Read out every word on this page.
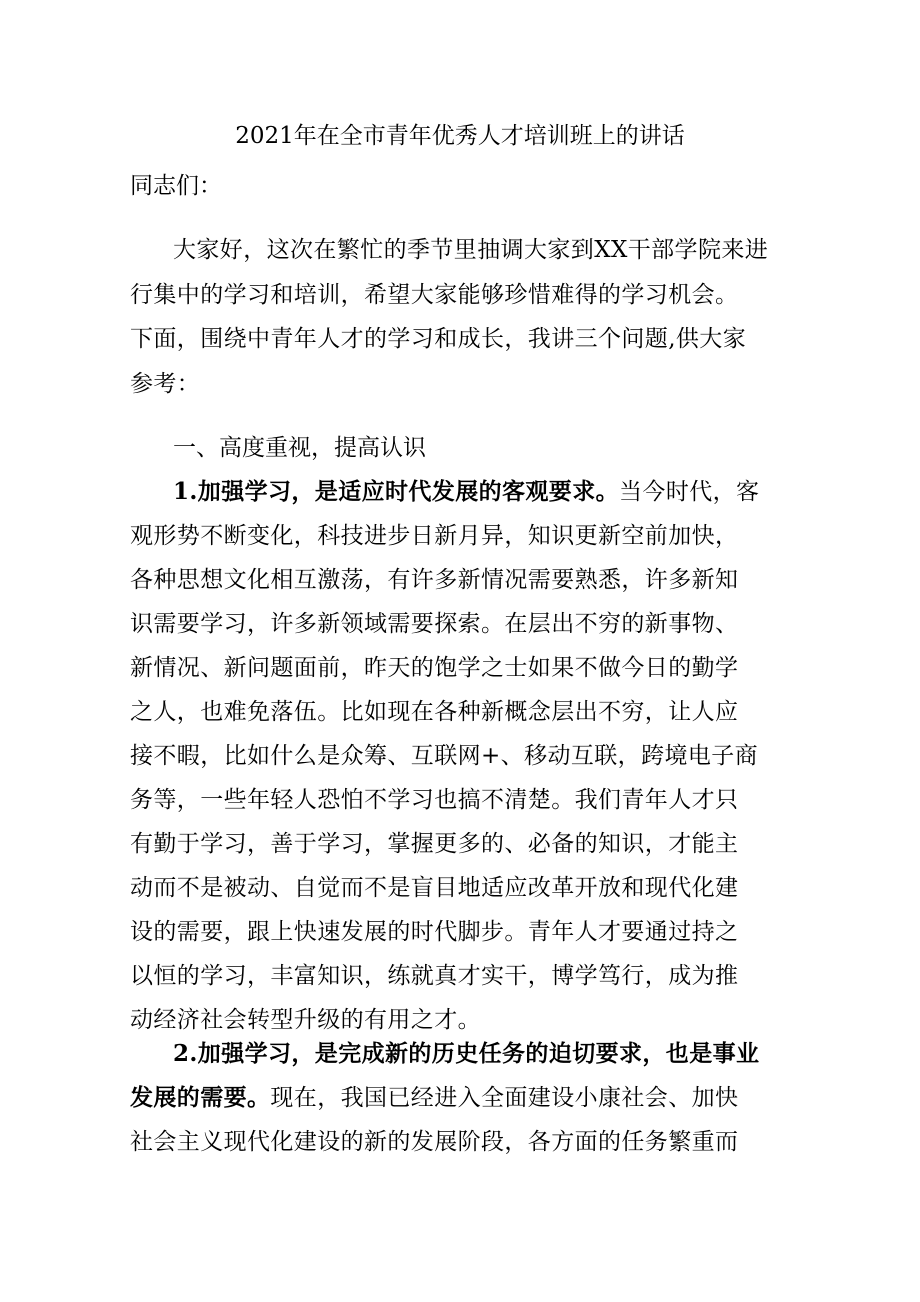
2021年在全市青年优秀人才培训班上的讲话
同志们：
大家好，这次在繁忙的季节里抽调大家到XX干部学院来进
行集中的学习和培训，希望大家能够珍惜难得的学习机会。
下面，围绕中青年人才的学习和成长，我讲三个问题,供大家
参考：
一、高度重视，提高认识
1.加强学习，是适应时代发展的客观要求。当今时代，客
观形势不断变化，科技进步日新月异，知识更新空前加快，
各种思想文化相互激荡，有许多新情况需要熟悉，许多新知
识需要学习，许多新领域需要探索。在层出不穷的新事物、
新情况、新问题面前，昨天的饱学之士如果不做今日的勤学
之人，也难免落伍。比如现在各种新概念层出不穷，让人应
接不暇，比如什么是众筹、互联网+、移动互联，跨境电子商
务等，一些年轻人恐怕不学习也搞不清楚。我们青年人才只
有勤于学习，善于学习，掌握更多的、必备的知识，才能主
动而不是被动、自觉而不是盲目地适应改革开放和现代化建
设的需要，跟上快速发展的时代脚步。青年人才要通过持之
以恒的学习，丰富知识，练就真才实干，博学笃行，成为推
动经济社会转型升级的有用之才。
2.加强学习，是完成新的历史任务的迫切要求，也是事业
发展的需要。现在，我国已经进入全面建设小康社会、加快
社会主义现代化建设的新的发展阶段，各方面的任务繁重而
